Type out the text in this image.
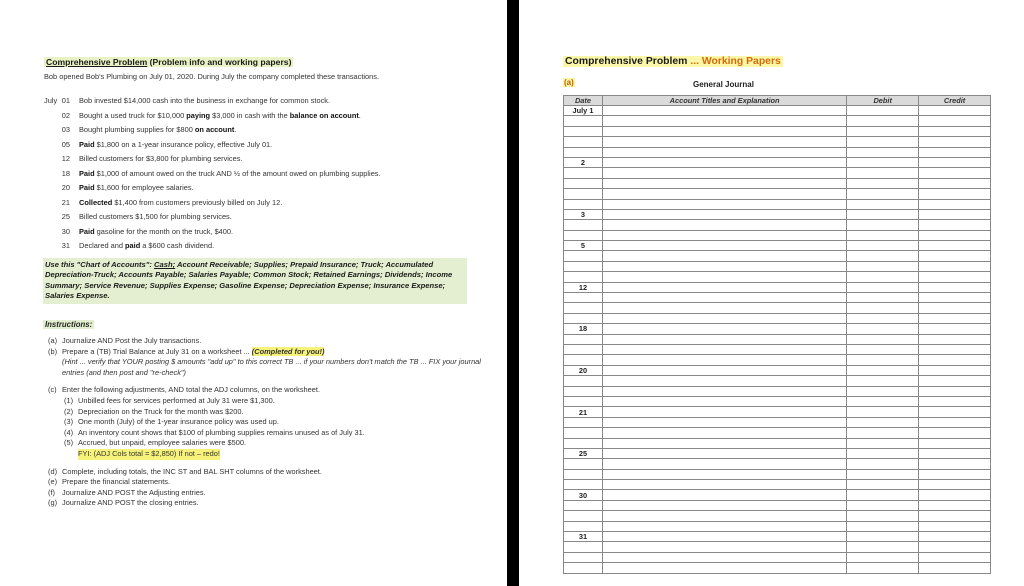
Comprehensive Problem (Problem info and working papers)
Bob opened Bob's Plumbing on July 01, 2020. During July the company completed these transactions.
July 01	Bob invested $14,000 cash into the business in exchange for common stock.
02	Bought a used truck for $10,000 paying $3,000 in cash with the balance on account.
03	Bought plumbing supplies for $800 on account.
05	Paid $1,800 on a 1-year insurance policy, effective July 01.
12	Billed customers for $3,800 for plumbing services.
18	Paid $1,000 of amount owed on the truck AND ½ of the amount owed on plumbing supplies.
20	Paid $1,600 for employee salaries.
21	Collected $1,400 from customers previously billed on July 12.
25	Billed customers $1,500 for plumbing services.
30	Paid gasoline for the month on the truck, $400.
31	Declared and paid a $600 cash dividend.
Use this "Chart of Accounts": Cash; Account Receivable; Supplies; Prepaid Insurance; Truck; Accumulated Depreciation-Truck; Accounts Payable; Salaries Payable; Common Stock; Retained Earnings; Dividends; Income Summary; Service Revenue; Supplies Expense; Gasoline Expense; Depreciation Expense; Insurance Expense; Salaries Expense.
Instructions:
(a) Journalize AND Post the July transactions.
(b) Prepare a (TB) Trial Balance at July 31 on a worksheet ... (Completed for you!)
(Hint ... verify that YOUR posting $ amounts "add up" to this correct TB ... if your numbers don't match the TB ... FIX your journal entries (and then post and "re-check")
(c) Enter the following adjustments, AND total the ADJ columns, on the worksheet.
(1) Unbilled fees for services performed at July 31 were $1,300.
(2) Depreciation on the Truck for the month was $200.
(3) One month (July) of the 1-year insurance policy was used up.
(4) An inventory count shows that $100 of plumbing supplies remains unused as of July 31.
(5) Accrued, but unpaid, employee salaries were $500.
FYI: (ADJ Cols total = $2,850) If not – redo!
(d) Complete, including totals, the INC ST and BAL SHT columns of the worksheet.
(e) Prepare the financial statements.
(f) Journalize AND POST the Adjusting entries.
(g) Journalize AND POST the closing entries.
Comprehensive Problem ... Working Papers
(a)	General Journal
Date	Account Titles and Explanation	Debit	Credit
July 1			

2			

3			

5			

12			

18			

20			

21			

25			

30			

31			
